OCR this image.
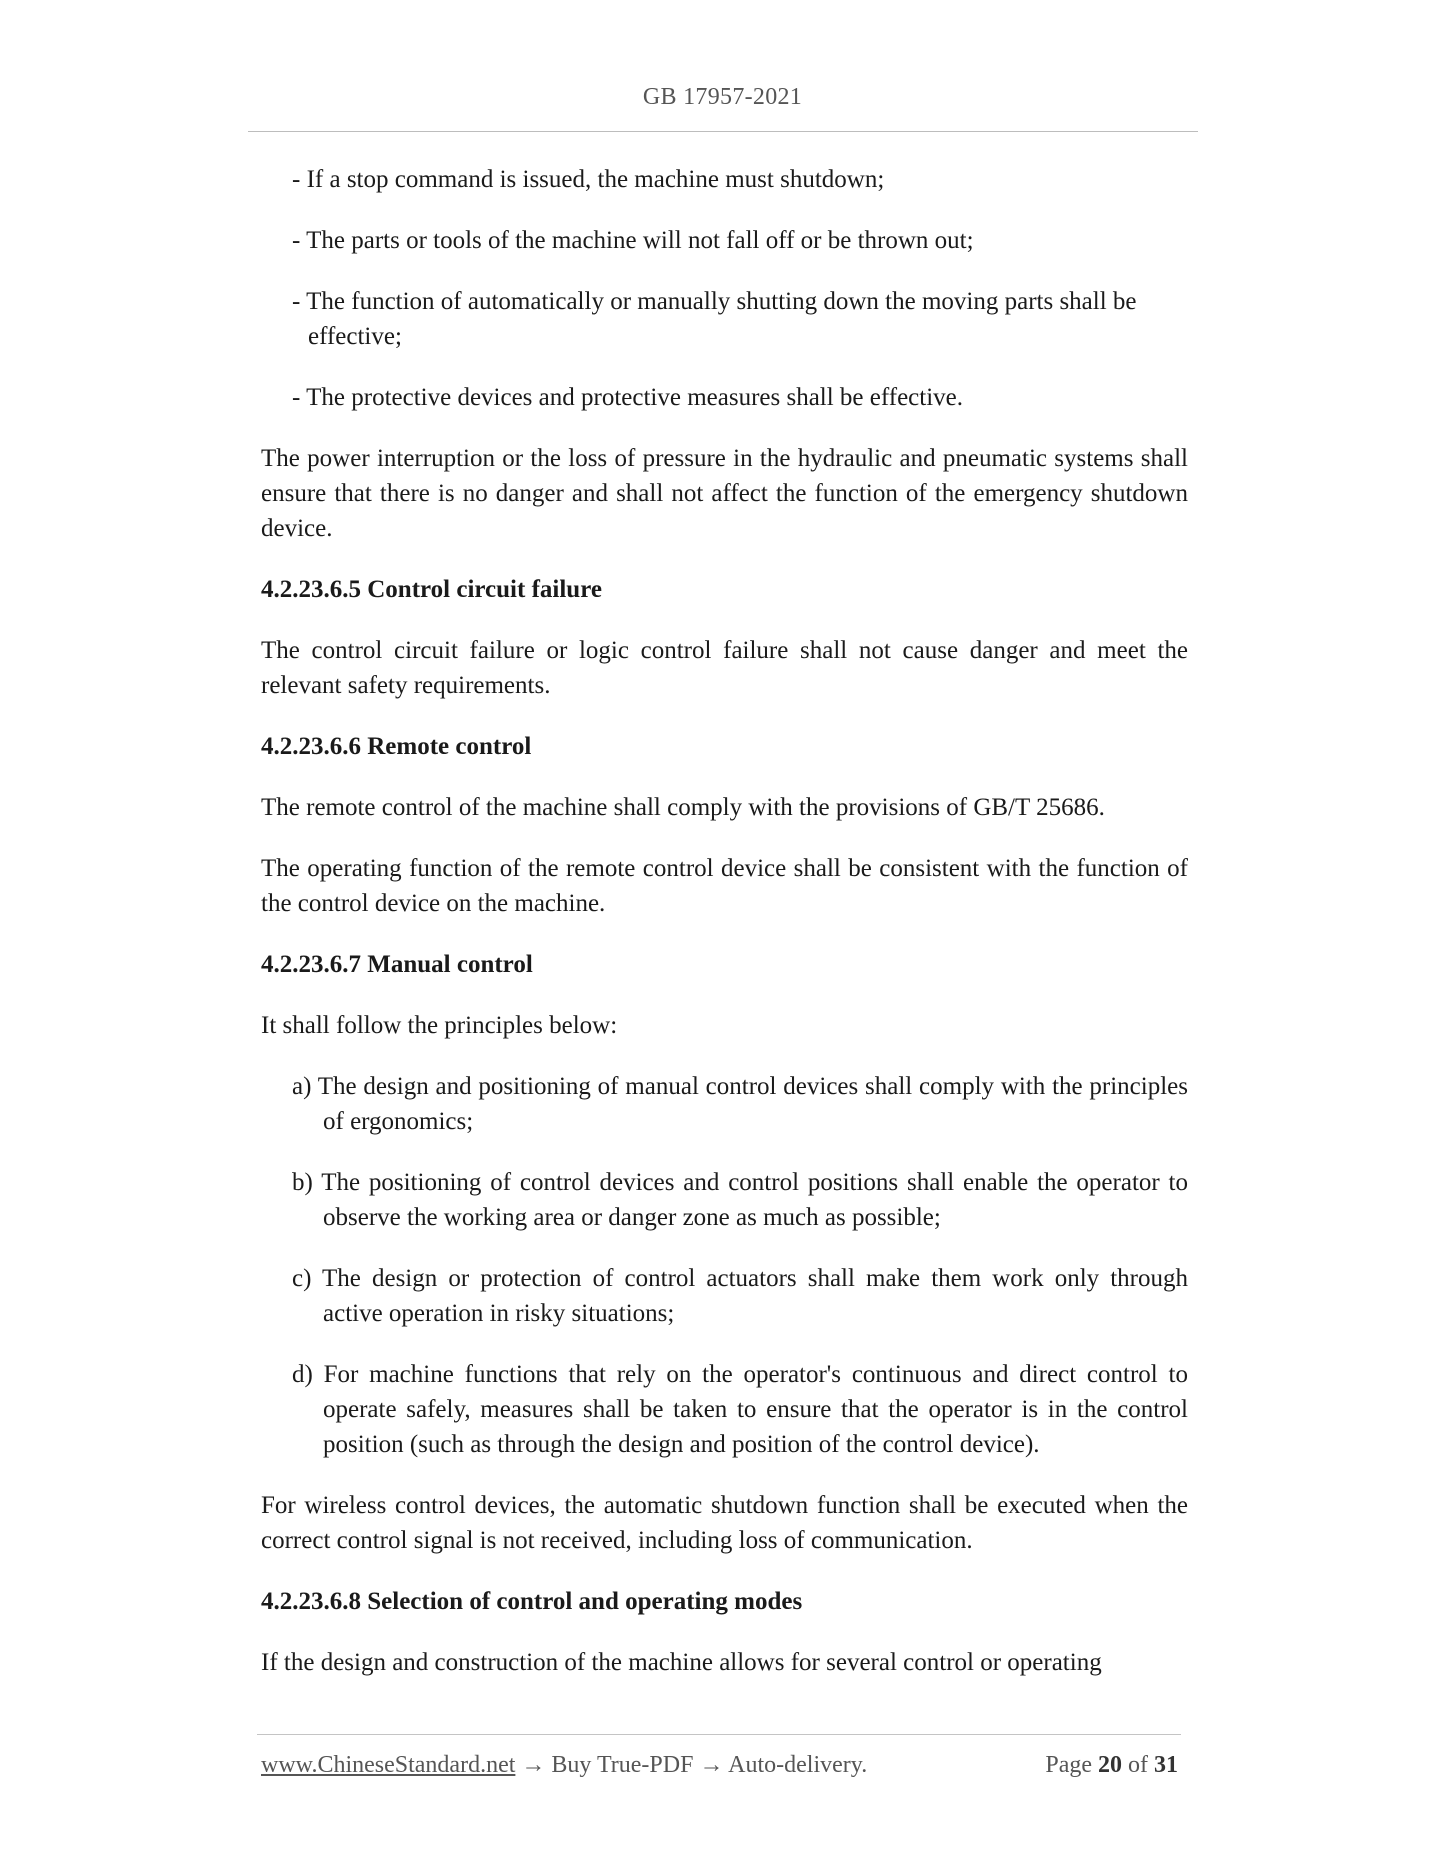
GB 17957-2021

- If a stop command is issued, the machine must shutdown;

- The parts or tools of the machine will not fall off or be thrown out;

- The function of automatically or manually shutting down the moving parts shall be effective;

- The protective devices and protective measures shall be effective.

The power interruption or the loss of pressure in the hydraulic and pneumatic systems shall ensure that there is no danger and shall not affect the function of the emergency shutdown device.

4.2.23.6.5 Control circuit failure

The control circuit failure or logic control failure shall not cause danger and meet the relevant safety requirements.

4.2.23.6.6 Remote control

The remote control of the machine shall comply with the provisions of GB/T 25686.

The operating function of the remote control device shall be consistent with the function of the control device on the machine.

4.2.23.6.7 Manual control

It shall follow the principles below:

a) The design and positioning of manual control devices shall comply with the principles of ergonomics;

b) The positioning of control devices and control positions shall enable the operator to observe the working area or danger zone as much as possible;

c) The design or protection of control actuators shall make them work only through active operation in risky situations;

d) For machine functions that rely on the operator's continuous and direct control to operate safely, measures shall be taken to ensure that the operator is in the control position (such as through the design and position of the control device).

For wireless control devices, the automatic shutdown function shall be executed when the correct control signal is not received, including loss of communication.

4.2.23.6.8 Selection of control and operating modes

If the design and construction of the machine allows for several control or operating

www.ChineseStandard.net → Buy True-PDF → Auto-delivery.	Page 20 of 31
